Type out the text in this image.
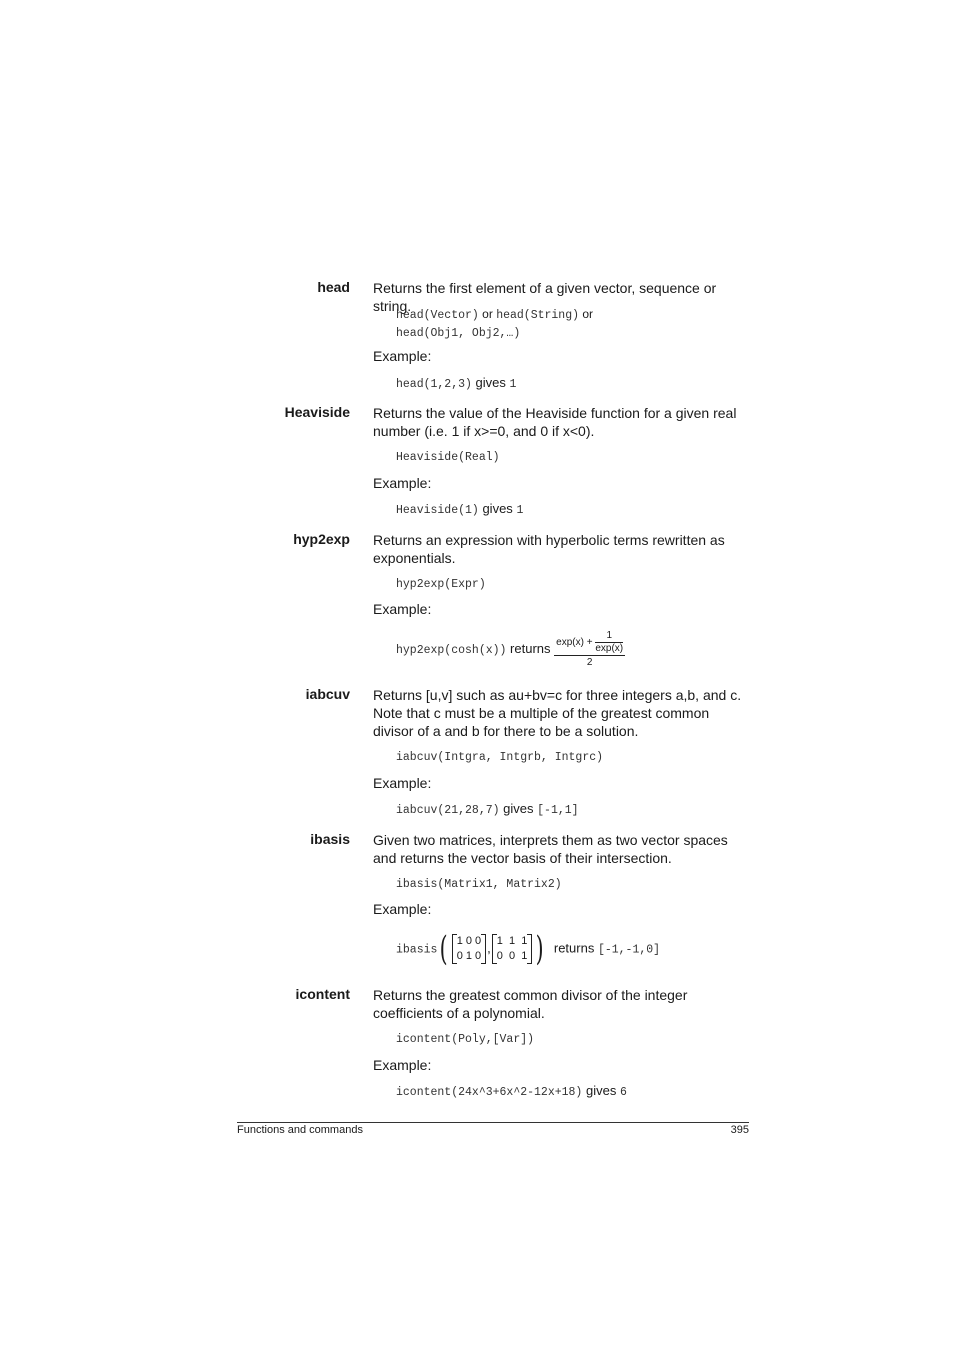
head Returns the first element of a given vector, sequence or string.
head(Vector) or head(String) or
head(Obj1, Obj2,…)
Example:
head(1,2,3) gives 1
Heaviside Returns the value of the Heaviside function for a given real number (i.e. 1 if x>=0, and 0 if x<0).
Heaviside(Real)
Example:
Heaviside(1) gives 1
hyp2exp Returns an expression with hyperbolic terms rewritten as exponentials.
hyp2exp(Expr)
Example:
hyp2exp(cosh(x)) returns $\frac{\exp(x) + \frac{1}{\exp(x)}}{2}$
iabcuv Returns [u,v] such as au+bv=c for three integers a,b, and c. Note that c must be a multiple of the greatest common divisor of a and b for there to be a solution.
iabcuv(Intgra, Intgrb, Intgrc)
Example:
iabcuv(21,28,7) gives [-1,1]
ibasis Given two matrices, interprets them as two vector spaces and returns the vector basis of their intersection.
ibasis(Matrix1, Matrix2)
Example:
ibasis( 1 0 0
0 1 0
, 1  1  1
0  0  1 ) returns [-1,-1,0]
icontent Returns the greatest common divisor of the integer coefficients of a polynomial.
icontent(Poly,[Var])
Example:
icontent(24x^3+6x^2-12x+18) gives 6
Functions and commands	395
